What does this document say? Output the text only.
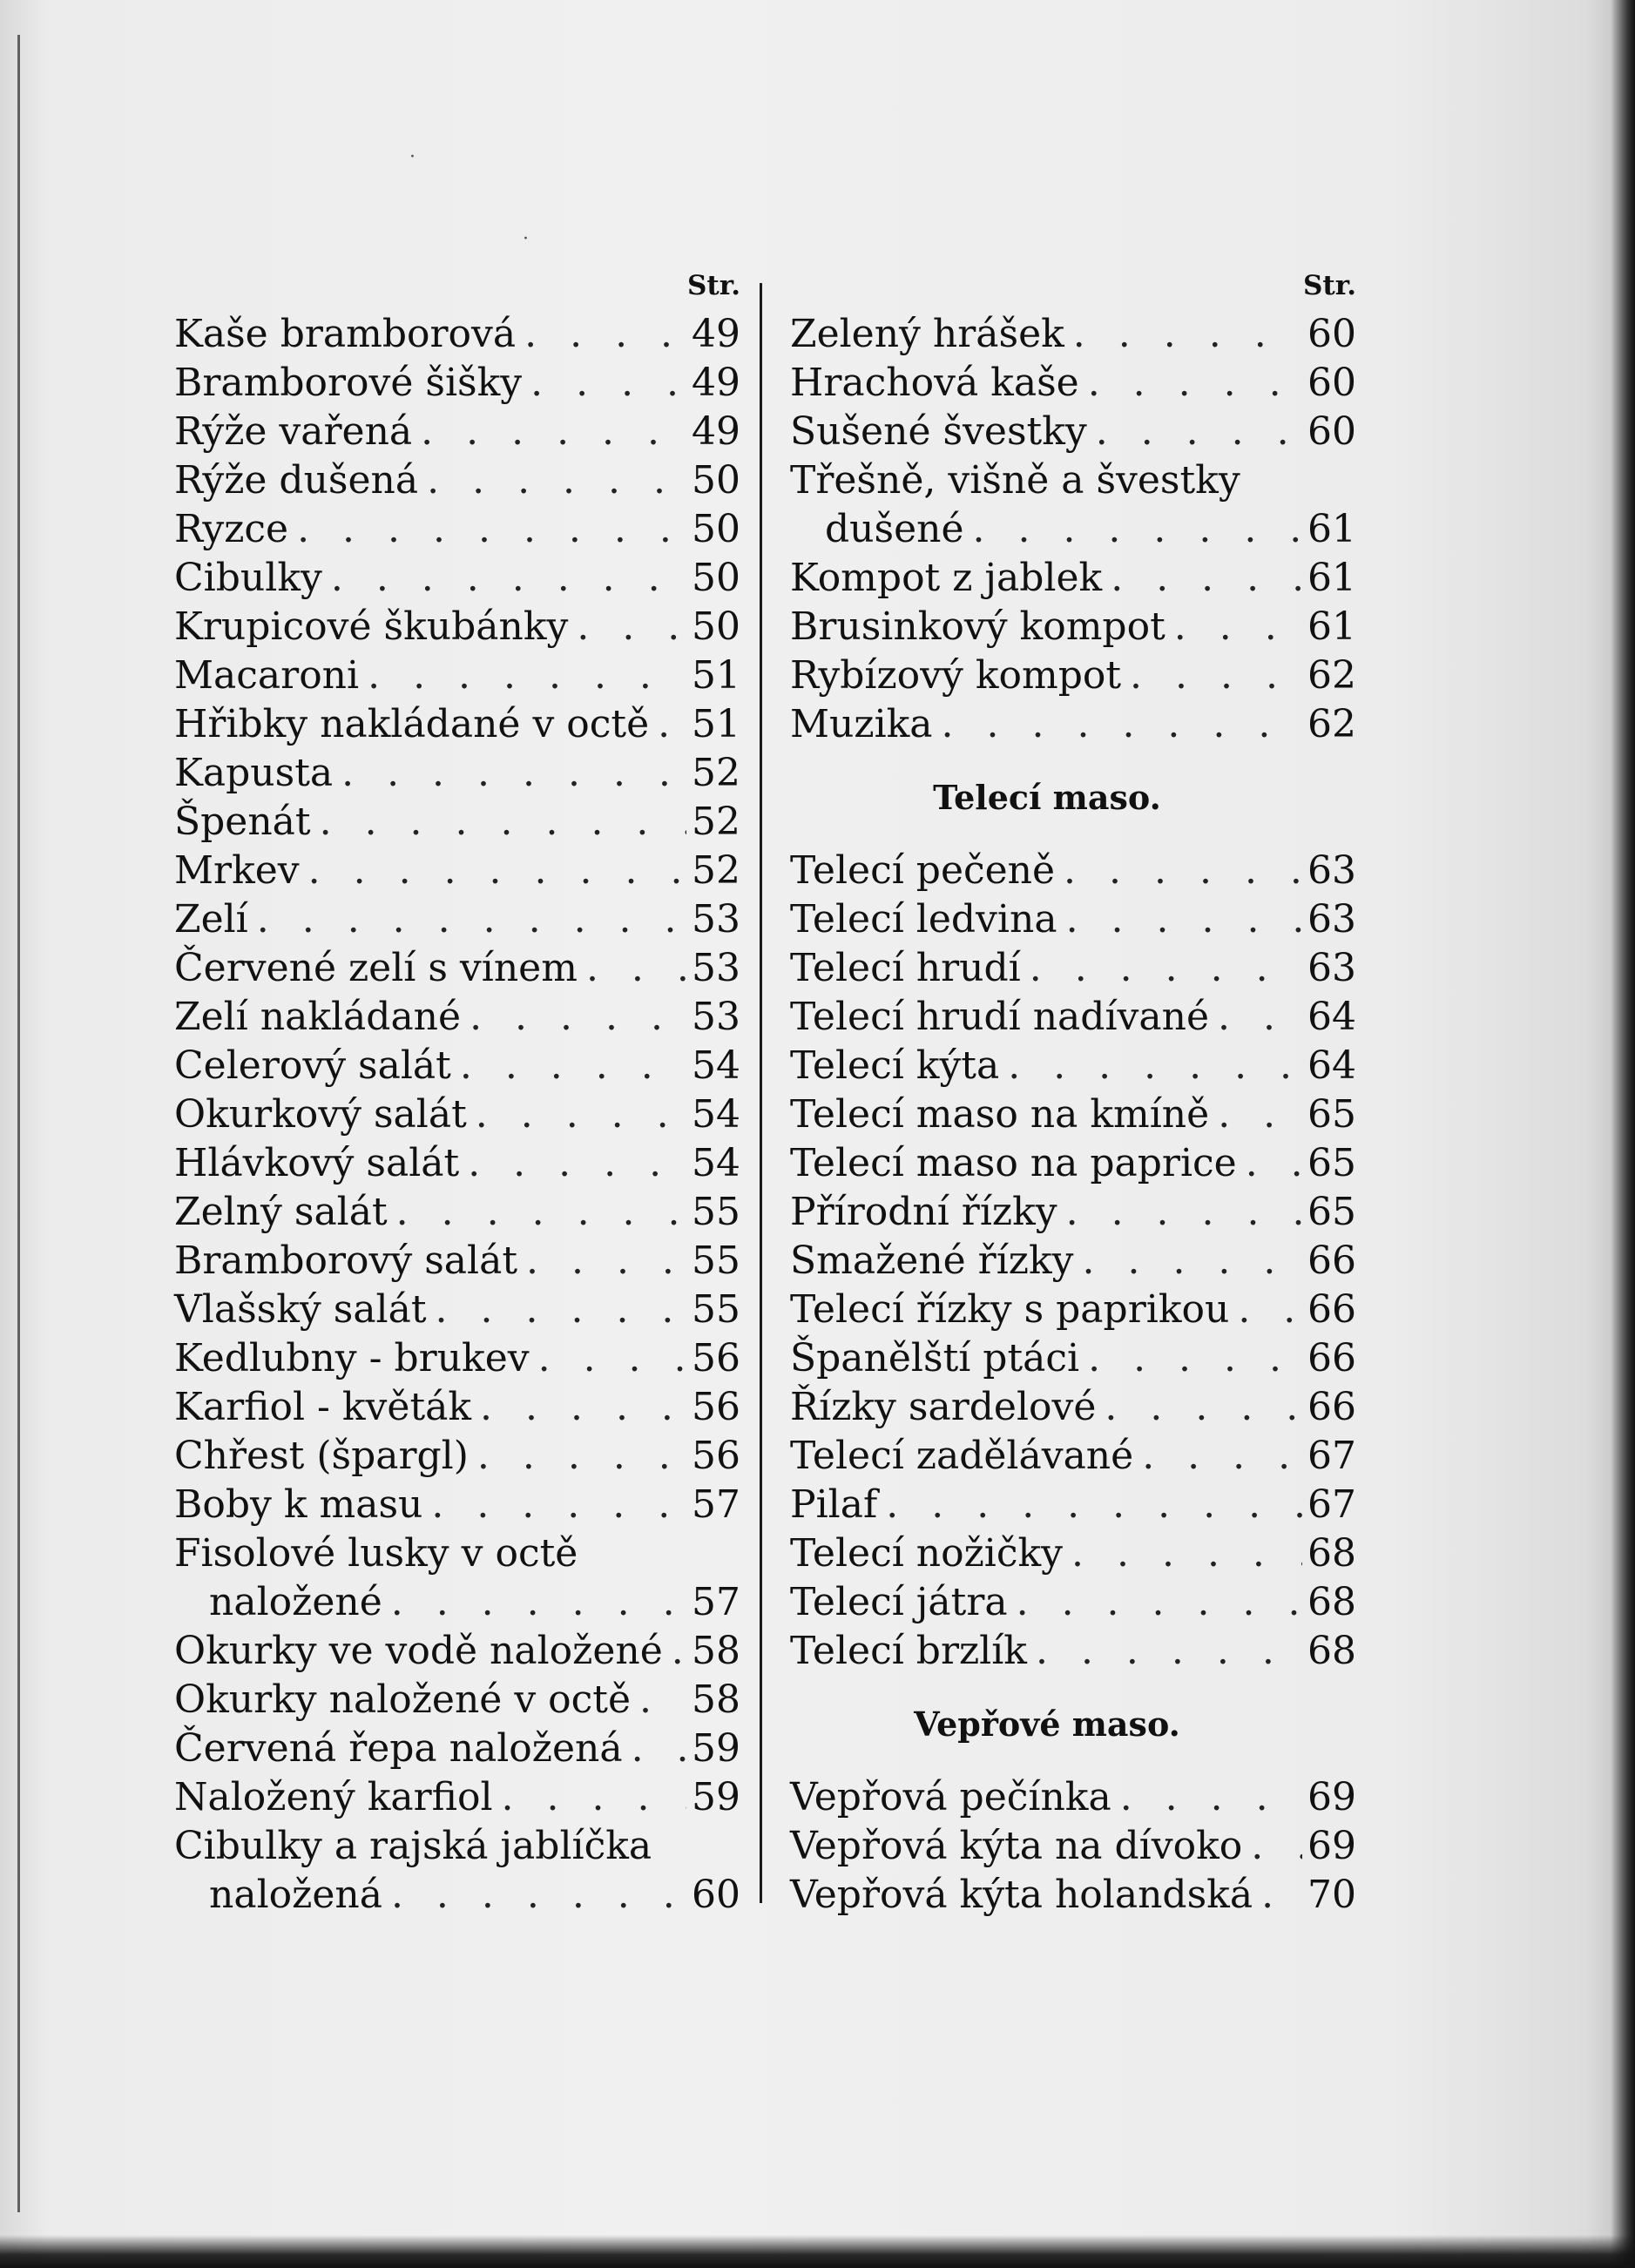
·
·
Str.
Kaše bramborová . . .	49
Bramborové šišky . . .	49
Rýže vařená . . .	49
Rýže dušená . . .	50
Ryzce . . .	50
Cibulky . . .	50
Krupicové škubánky . . .	50
Macaroni . . .	51
Hřibky nakládané v octě . . . 51
Kapusta . . .	52
Špenát . . .	52
Mrkev . . .	52
Zelí . . .	53
Červené zelí s vínem . . .	53
Zelí nakládané . . .	53
Celerový salát . . .	54
Okurkový salát . . .	54
Hlávkový salát . . .	54
Zelný salát . . .	55
Bramborový salát . . .	55
Vlašský salát . . .	55
Kedlubny - brukev . . .	56
Karfiol - květák . . .	56
Chřest (špargl) . . .	56
Boby k masu . . .	57
Fisolové lusky v octě
naložené . . .	57
Okurky ve vodě naložené . . . 58
Okurky naložené v octě . . . 58
Červená řepa naložená . . . 59
Naložený karfiol . . .	59
Cibulky a rajská jablíčka
naložená . . .	60
Str.
Zelený hrášek . . .	60
Hrachová kaše . . .	60
Sušené švestky . . .	60
Třešně, višně a švestky
dušené . . .	61
Kompot z jablek . . .	61
Brusinkový kompot . . .	61
Rybízový kompot . . .	62
Muzika . . .	62
Telecí maso.
Telecí pečeně . . .	63
Telecí ledvina . . .	63
Telecí hrudí . . .	63
Telecí hrudí nadívané . . .	64
Telecí kýta . . .	64
Telecí maso na kmíně . . .	65
Telecí maso na paprice . . . 65
Přírodní řízky . . .	65
Smažené řízky . . .	66
Telecí řízky s paprikou . . . 66
Španělští ptáci . . .	66
Řízky sardelové . . .	66
Telecí zadělávané . . .	67
Pilaf . . .	67
Telecí nožičky . . .	68
Telecí játra . . .	68
Telecí brzlík . . .	68
Vepřové maso.
Vepřová pečínka . . .	69
Vepřová kýta na dívoko . . . 69
Vepřová kýta holandská . . . 70
